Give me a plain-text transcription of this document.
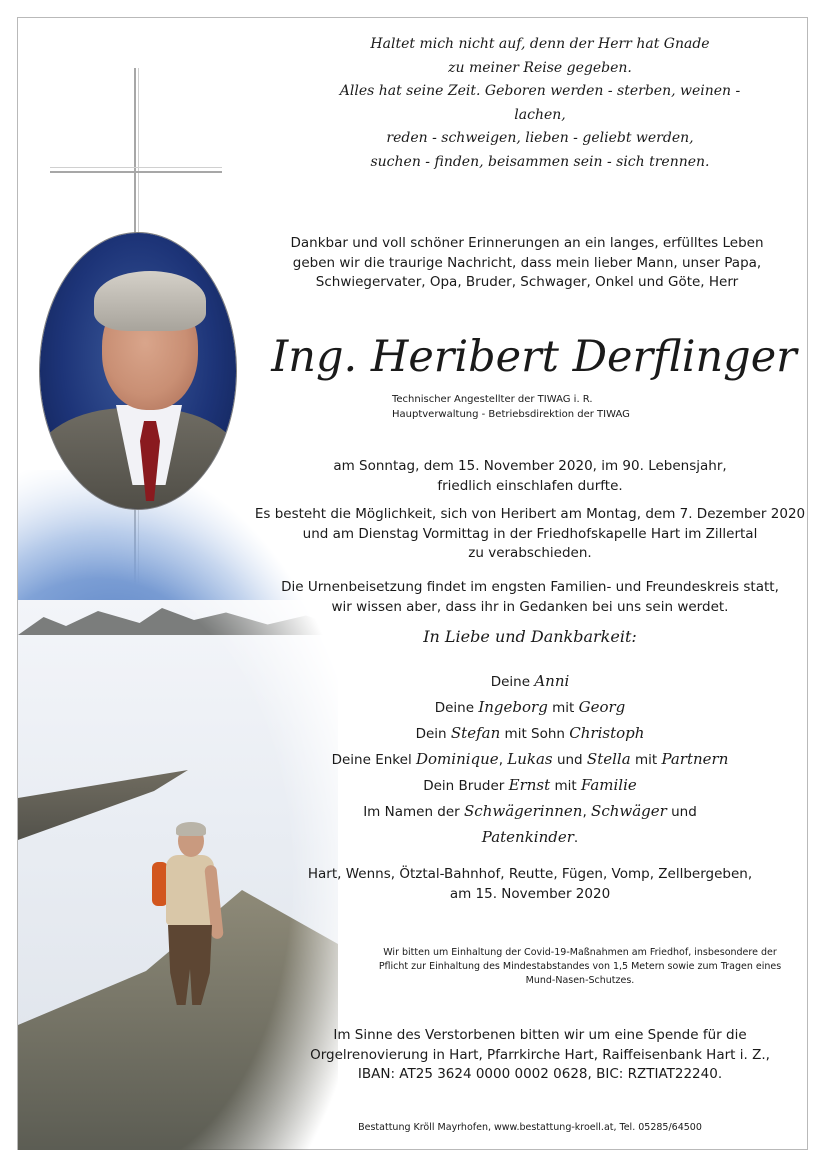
Haltet mich nicht auf, denn der Herr hat Gnade
zu meiner Reise gegeben.
Alles hat seine Zeit. Geboren werden - sterben, weinen - lachen,
reden - schweigen, lieben - geliebt werden,
suchen - finden, beisammen sein - sich trennen.
Dankbar und voll schöner Erinnerungen an ein langes, erfülltes Leben
geben wir die traurige Nachricht, dass mein lieber Mann, unser Papa,
Schwiegervater, Opa, Bruder, Schwager, Onkel und Göte, Herr
Ing. Heribert Derflinger
Technischer Angestellter der TIWAG i. R.
Hauptverwaltung - Betriebsdirektion der TIWAG
am Sonntag, dem 15. November 2020, im 90. Lebensjahr,
friedlich einschlafen durfte.
Es besteht die Möglichkeit, sich von Heribert am Montag, dem 7. Dezember 2020
und am Dienstag Vormittag in der Friedhofskapelle Hart im Zillertal
zu verabschieden.
Die Urnenbeisetzung findet im engsten Familien- und Freundeskreis statt,
wir wissen aber, dass ihr in Gedanken bei uns sein werdet.
In Liebe und Dankbarkeit:
Deine Anni
Deine Ingeborg mit Georg
Dein Stefan mit Sohn Christoph
Deine Enkel Dominique, Lukas und Stella mit Partnern
Dein Bruder Ernst mit Familie
Im Namen der Schwägerinnen, Schwäger und
Patenkinder.
Hart, Wenns, Ötztal-Bahnhof, Reutte, Fügen, Vomp, Zellbergeben,
am 15. November 2020
Wir bitten um Einhaltung der Covid-19-Maßnahmen am Friedhof, insbesondere der
Pflicht zur Einhaltung des Mindestabstandes von 1,5 Metern sowie zum Tragen eines
Mund-Nasen-Schutzes.
Im Sinne des Verstorbenen bitten wir um eine Spende für die
Orgelrenovierung in Hart, Pfarrkirche Hart, Raiffeisenbank Hart i. Z.,
IBAN: AT25 3624 0000 0002 0628, BIC: RZTIAT22240.
Bestattung Kröll Mayrhofen, www.bestattung-kroell.at, Tel. 05285/64500
